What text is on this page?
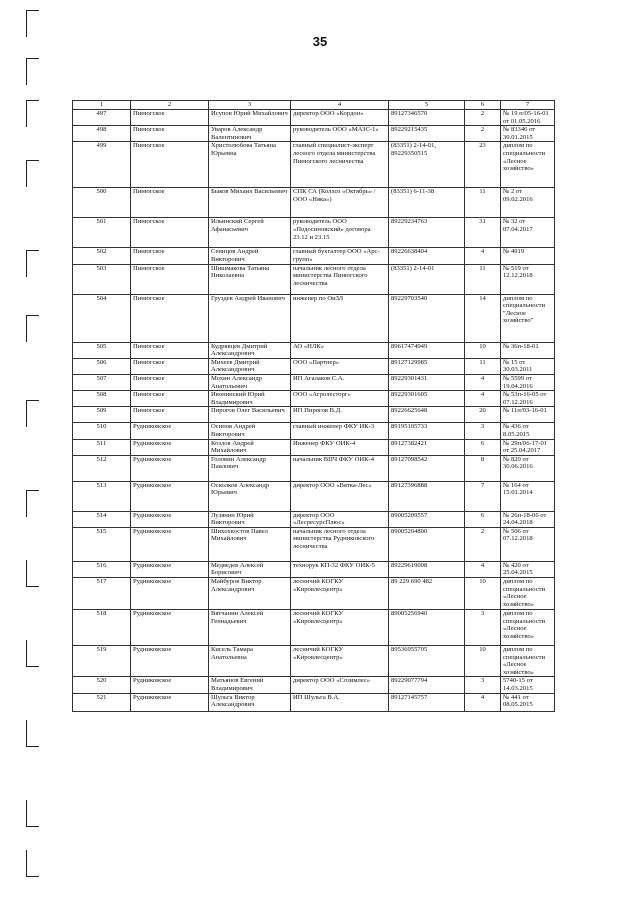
35
1	2	3	4	5	6	7
497	Пинюгское	Исупов Юрий Михайлович	директор ООО «Кордон»	89127346570	2	№ 19 п/05-16-01 от 01.05.2016
498	Пинюгское	Уваров Александр Валентинович	руководитель ООО «МАЗС-1»	89229215435	2	№ 83346 от 30.01.2015
499	Пинюгское	Христолюбова Татьяна Юрьевна	главный специалист-эксперт лесного отдела министерства Пинюгского лесничества	(83351) 2-14-01, 89229350515	23	диплом по специальности «Лесное хозяйство»
500	Пинюгское	Быков Михаил Васильевич	СПК СА (Колхоз «Октябрь» /ООО «Няка»)	(83351) 6-11-38	11	№ 2 от 09.02.2016
501	Пинюгское	Ильинский Сергей Афанасьевич	руководитель ООО «Подосиновский» договора 23.12 и 23.15	89229234763	31	№ 32 от 07.04.2017
502	Пинюгское	Сеницов Андрей Викторович	главный бухгалтер ООО «Арс-групп»	89226638404	4	№ 4919
503	Пинюгское	Шишмакова Татьяна Николаевна	начальник лесного отдела министерства Пинюгского лесничества	(83351) 2-14-01	11	№ 519 от 12.12.2018
504	Пинюгское	Груздев Андрей Иванович	инженер по ОиЗЛ	89229703540	14	диплом по специальности "Лесное хозяйство"
505	Пинюгское	Кудрявцев Дмитрий Александрович	АО «НЛК»	89617474949	10	№ 36п-18-01
506	Пинюгское	Михеев Дмитрий Александрович	ООО «Партнер»	89127129985	11	№ 15 от 30.03.2011
507	Пинюгское	Мохин Александр Анатольевич	ИП Агалаков С.А.	89229301431	4	№ 5599 от 19.04.2016
508	Пинюгское	Ивонинский Юрий Владимирович	ООО «Агролесторг»	89229301605	4	№ 53п-16-05 от 07.12.2016
509	Пинюгское	Пирогов Олег Васильевич	ИП Пирогов В.Д.	89226625648	20	№ 11п/03-16-01
510	Рудниковское	Осипов Андрей Викторович	главный инженер ФКУ ИК-3	89195105733	3	№ 436 от 8.05.2015
511	Рудниковское	Козлов Андрей Михайлович	Инженер ФКУ ОИК-4	89127382421	6	№ 29п/06-17-01 от 25.04.2017
512	Рудниковское	Головин Александр Павлович	начальник ВПЧ ФКУ ОИК-4	89127098542	8	№ 820 от 30.06.2016
513	Рудниковское	Осколков Александр Юрьевич	директор ООО «Вятка-Лес»	89127396888	7	№ 164 от 15.01.2014
514	Рудниковское	Лузянин Юрий Викторович	директор ООО «ЛесресурсПлюс»	89005209557	6	№ 26п-18-06 от 24.04.2018
515	Рудниковское	Шихохвостов Павел Михайлович	начальник лесного отдела министерства Рудниковского лесничества	89005204800	2	№ 506 от 07.12.2018
516	Рудниковское	Медведев Алексей Борисович	технорук КП-32 ФКУ ОИК-5	89229619008	4	№ 420 от 25.04.2015
517	Рудниковское	Майбуров Виктор Александрович	лесничий КОГКУ «Кировлесцентр»	89 229 690 482	10	диплом по специальности «Лесное хозяйство»
518	Рудниковское	Вятчанин Алексей Геннадьевич	лесничий КОГКУ «Кировлесцентр»	89005256940	3	диплом по специальности «Лесное хозяйство»
519	Рудниковское	Кисель Тамара Анатольевна	лесничий КОГКУ «Кировлесцентр»	89536955705	10	диплом по специальности «Лесное хозяйство»
520	Рудниковское	Матьянов Евгений Владимирович	директор ООО «Созимлес»	89229077794	3	5740-15 от 14.03.2015
521	Рудниковское	Шульга Виктор Александрович	ИП Шульга В.А.	89127145757	4	№ 441 от 08.05.2015
